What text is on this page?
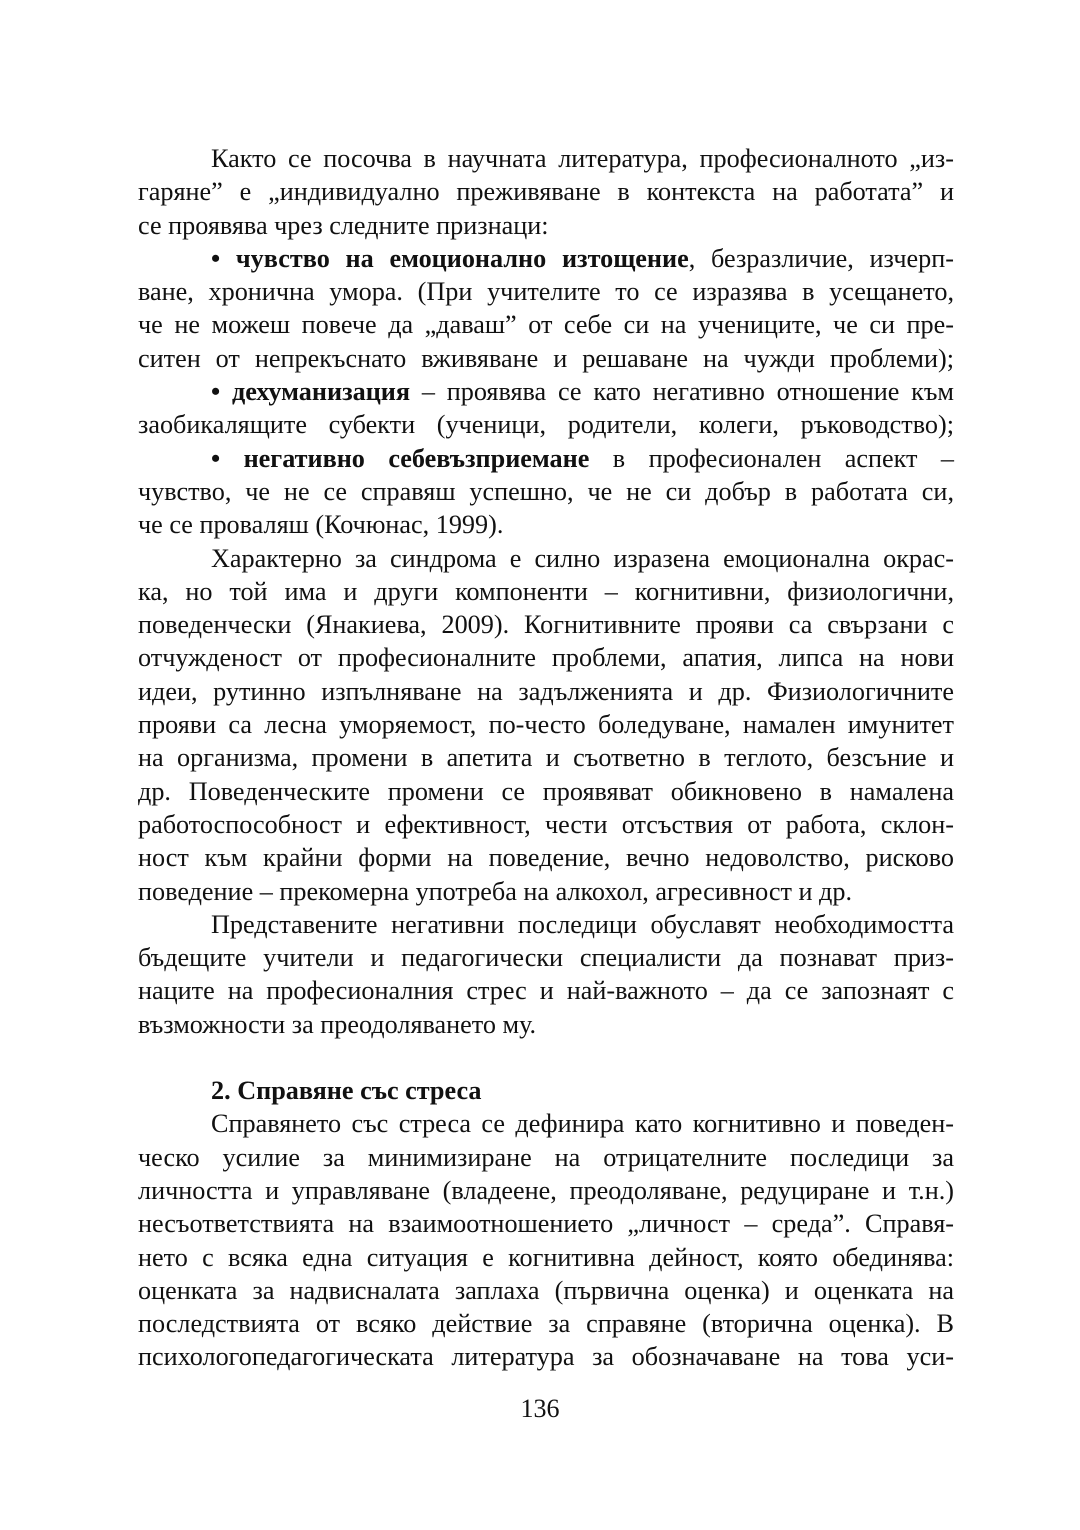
Както се посочва в научната литература, професионалното „из-
гаряне” е „индивидуално преживяване в контекста на работата” и
се проявява чрез следните признаци:
• чувство на емоционално изтощение, безразличие, изчерп-
ване, хронична умора. (При учителите то се изразява в усещането,
че не можеш повече да „даваш” от себе си на учениците, че си пре-
ситен от непрекъснато вживяване и решаване на чужди проблеми);
• дехуманизация – проявява се като негативно отношение към
заобикалящите субекти (ученици, родители, колеги, ръководство);
• негативно себевъзприемане в професионален аспект –
чувство, че не се справяш успешно, че не си добър в работата си,
че се проваляш (Кочюнас, 1999).
Характерно за синдрома е силно изразена емоционална окрас-
ка, но той има и други компоненти – когнитивни, физиологични,
поведенчески (Янакиева, 2009). Когнитивните прояви са свързани с
отчужденост от професионалните проблеми, апатия, липса на нови
идеи, рутинно изпълняване на задълженията и др. Физиологичните
прояви са лесна уморяемост, по-често боледуване, намален имунитет
на организма, промени в апетита и съответно в теглото, безсъние и
др. Поведенческите промени се проявяват обикновено в намалена
работоспособност и ефективност, чести отсъствия от работа, склон-
ност към крайни форми на поведение, вечно недоволство, рисково
поведение – прекомерна употреба на алкохол, агресивност и др.
Представените негативни последици обуславят необходимостта
бъдещите учители и педагогически специалисти да познават приз-
наците на професионалния стрес и най-важното – да се запознаят с
възможности за преодоляването му.
2. Справяне със стреса
Справянето със стреса се дефинира като когнитивно и поведен-
ческо усилие за минимизиране на отрицателните последици за
личността и управляване (владеене, преодоляване, редуциране и т.н.)
несъответствията на взаимоотношението „личност – среда”. Справя-
нето с всяка една ситуация е когнитивна дейност, която обединява:
оценката за надвисналата заплаха (първична оценка) и оценката на
последствията от всяко действие за справяне (вторична оценка). В
психологопедагогическата литература за обозначаване на това уси-
136
